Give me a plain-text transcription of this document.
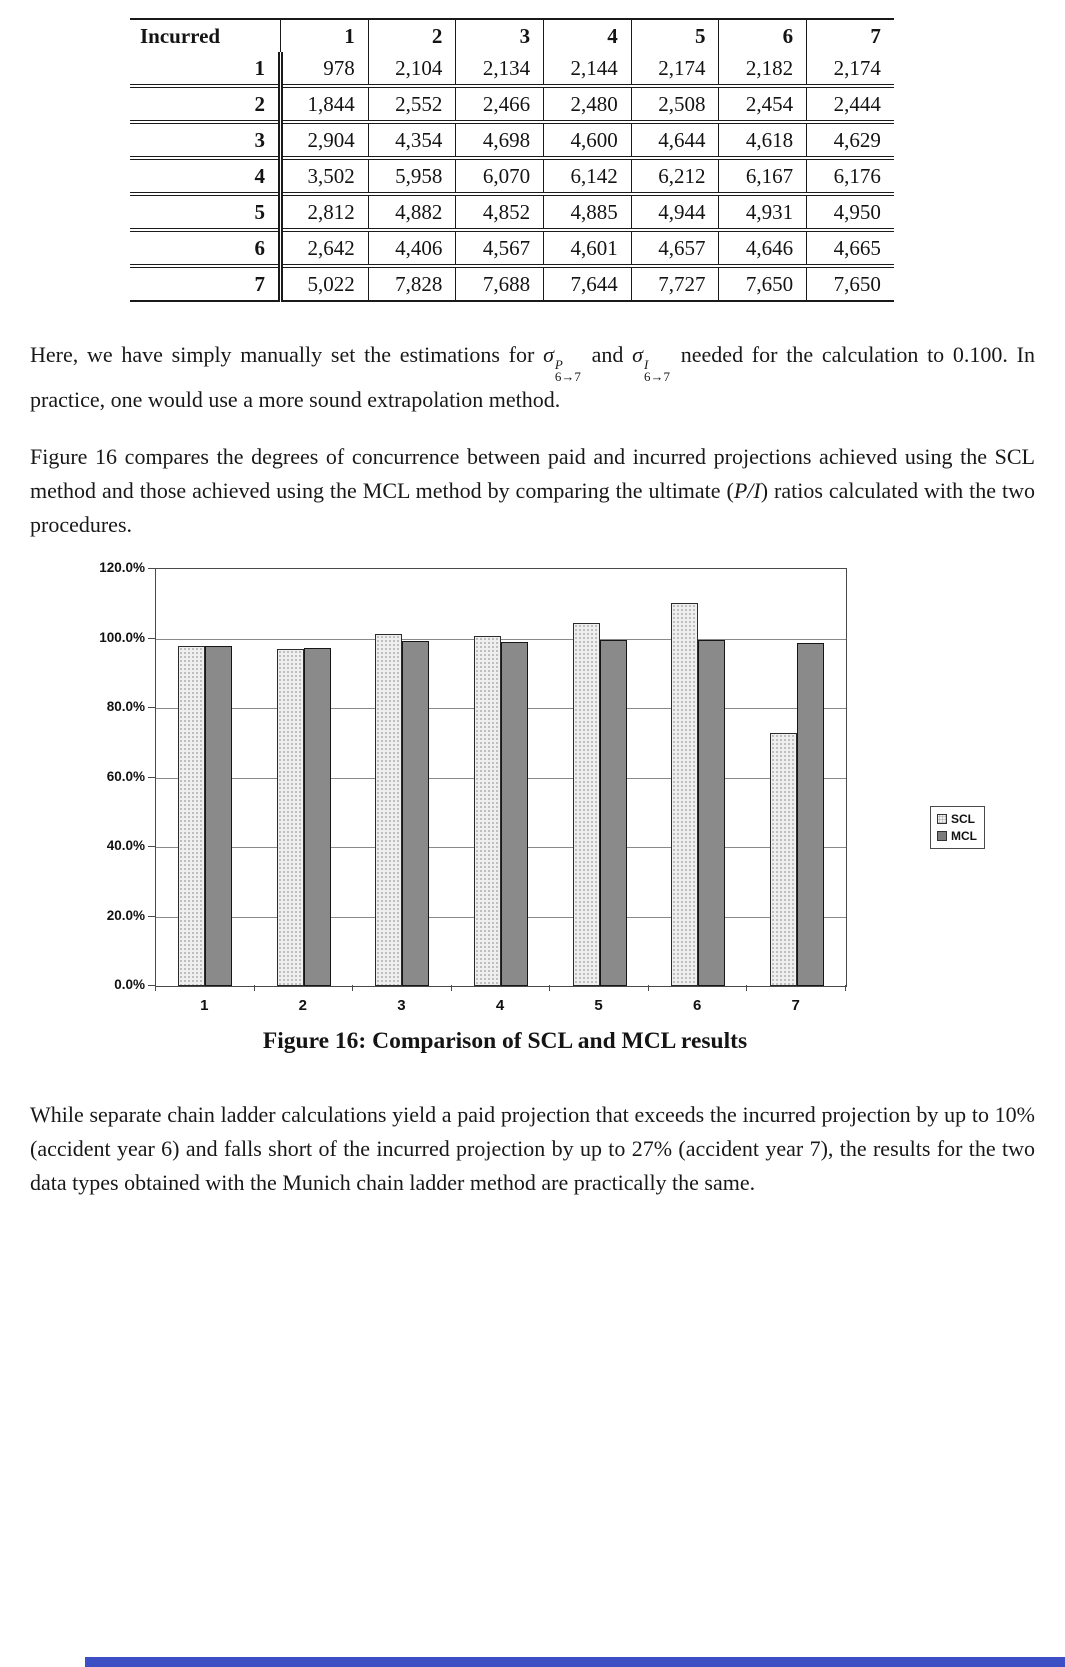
Incurred	1	2	3	4	5	6	7
1	978	2,104	2,134	2,144	2,174	2,182	2,174
2	1,844	2,552	2,466	2,480	2,508	2,454	2,444
3	2,904	4,354	4,698	4,600	4,644	4,618	4,629
4	3,502	5,958	6,070	6,142	6,212	6,167	6,176
5	2,812	4,882	4,852	4,885	4,944	4,931	4,950
6	2,642	4,406	4,567	4,601	4,657	4,646	4,665
7	5,022	7,828	7,688	7,644	7,727	7,650	7,650
Here, we have simply manually set the estimations for σ P
6→7
and σ I
6→7
needed for the calculation to 0.100. In practice, one would use a more sound extrapolation method.
Figure 16 compares the degrees of concurrence between paid and incurred projections achieved using the SCL method and those achieved using the MCL method by comparing the ultimate (P/I) ratios calculated with the two procedures.
120.0%
100.0%
80.0%
60.0%
40.0%
20.0%
0.0%
1	2	3	4	5	6	7
SCL
MCL
Figure 16: Comparison of SCL and MCL results
While separate chain ladder calculations yield a paid projection that exceeds the incurred projection by up to 10% (accident year 6) and falls short of the incurred projection by up to 27% (accident year 7), the results for the two data types obtained with the Munich chain ladder method are practically the same.
